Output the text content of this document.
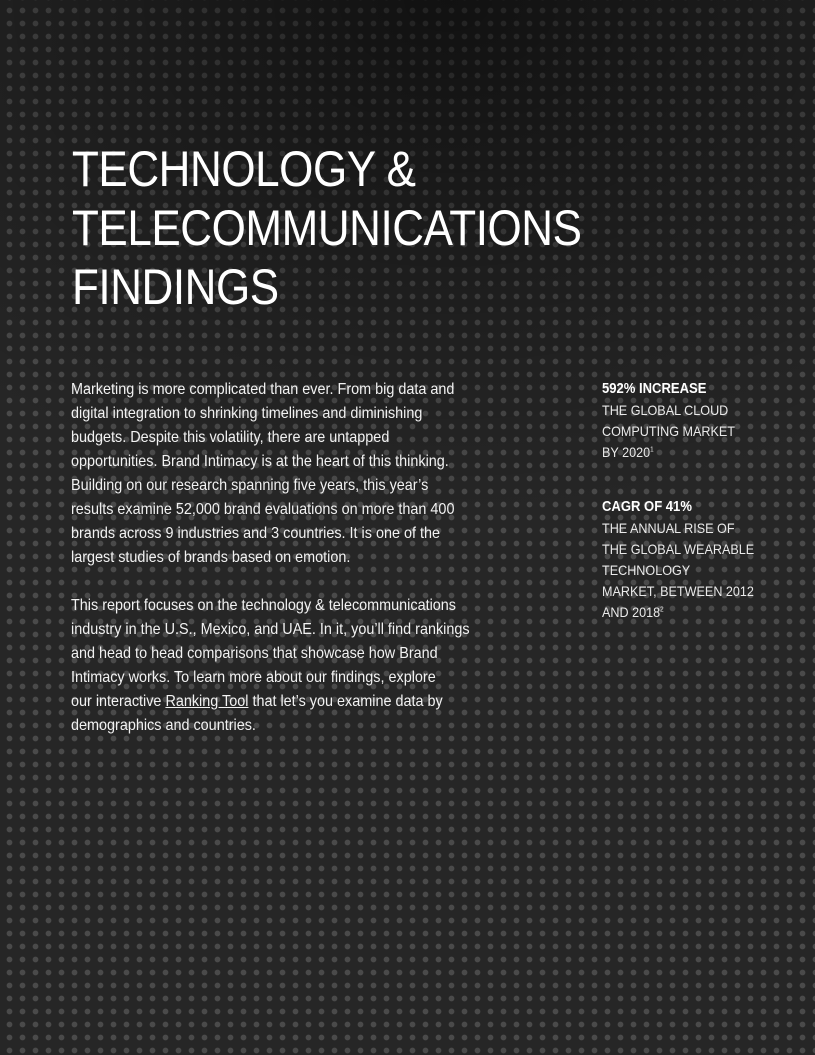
TECHNOLOGY &
TELECOMMUNICATIONS
FINDINGS

Marketing is more complicated than ever. From big data and
digital integration to shrinking timelines and diminishing
budgets. Despite this volatility, there are untapped
opportunities. Brand Intimacy is at the heart of this thinking.
Building on our research spanning five years, this year’s
results examine 52,000 brand evaluations on more than 400
brands across 9 industries and 3 countries. It is one of the
largest studies of brands based on emotion.

This report focuses on the technology & telecommunications
industry in the U.S., Mexico, and UAE. In it, you’ll find rankings
and head to head comparisons that showcase how Brand
Intimacy works. To learn more about our findings, explore
our interactive Ranking Tool that let’s you examine data by
demographics and countries.

592% INCREASE
THE GLOBAL CLOUD
COMPUTING MARKET
BY 2020$^1$
CAGR OF 41%
THE ANNUAL RISE OF
THE GLOBAL WEARABLE
TECHNOLOGY
MARKET, BETWEEN 2012
AND 2018$^2$
